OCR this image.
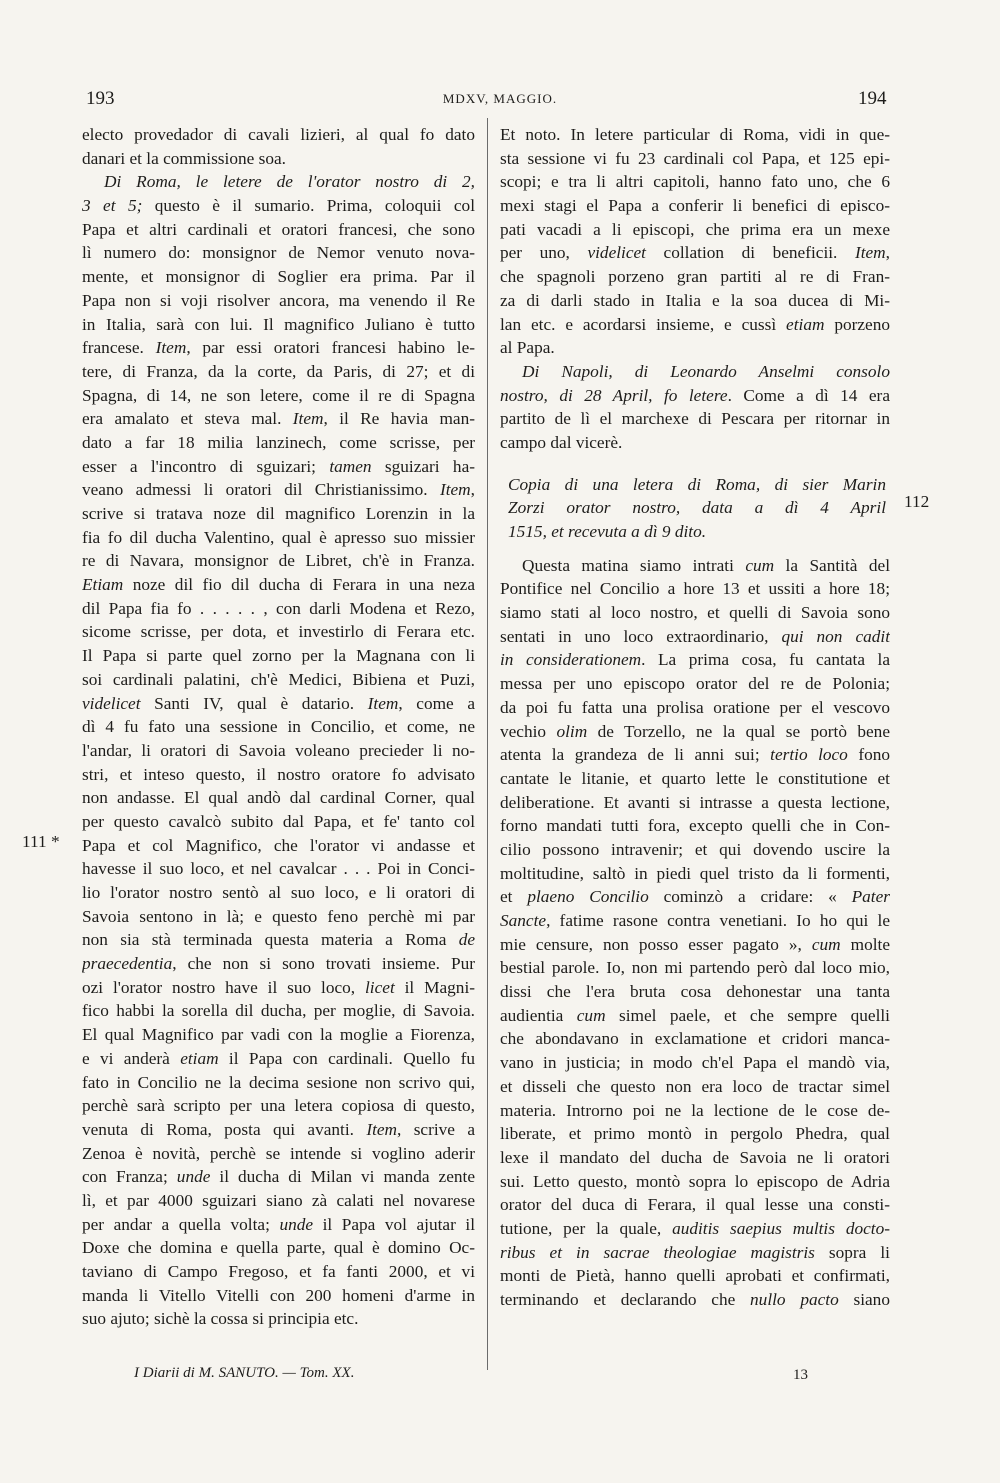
193	MDXV, MAGGIO.	194
111 *
112
electo provedador di cavali lizieri, al qual fo dato
danari et la commissione soa.
Di Roma, le letere de l'orator nostro di 2,
3 et 5; questo è il sumario. Prima, coloquii col
Papa et altri cardinali et oratori francesi, che sono
lì numero do: monsignor de Nemor venuto nova-
mente, et monsignor di Soglier era prima. Par il
Papa non si voji risolver ancora, ma venendo il Re
in Italia, sarà con lui. Il magnifico Juliano è tutto
francese. Item, par essi oratori francesi habino le-
tere, di Franza, da la corte, da Paris, di 27; et di
Spagna, di 14, ne son letere, come il re di Spagna
era amalato et steva mal. Item, il Re havia man-
dato a far 18 milia lanzinech, come scrisse, per
esser a l'incontro di sguizari; tamen sguizari ha-
veano admessi li oratori dil Christianissimo. Item,
scrive si tratava noze dil magnifico Lorenzin in la
fia fo dil ducha Valentino, qual è apresso suo missier
re di Navara, monsignor de Libret, ch'è in Franza.
Etiam noze dil fio dil ducha di Ferara in una neza
dil Papa fia fo . . . . . , con darli Modena et Rezo,
sicome scrisse, per dota, et investirlo di Ferara etc.
Il Papa si parte quel zorno per la Magnana con li
soi cardinali palatini, ch'è Medici, Bibiena et Puzi,
videlicet Santi IV, qual è datario. Item, come a
dì 4 fu fato una sessione in Concilio, et come, ne
l'andar, li oratori di Savoia voleano precieder li no-
stri, et inteso questo, il nostro oratore fo advisato
non andasse. El qual andò dal cardinal Corner, qual
per questo cavalcò subito dal Papa, et fe' tanto col
Papa et col Magnifico, che l'orator vi andasse et
havesse il suo loco, et nel cavalcar . . . Poi in Conci-
lio l'orator nostro sentò al suo loco, e li oratori di
Savoia sentono in là; e questo feno perchè mi par
non sia stà terminada questa materia a Roma de
praecedentia, che non si sono trovati insieme. Pur
ozi l'orator nostro have il suo loco, licet il Magni-
fico habbi la sorella dil ducha, per moglie, di Savoia.
El qual Magnifico par vadi con la moglie a Fiorenza,
e vi anderà etiam il Papa con cardinali. Quello fu
fato in Concilio ne la decima sesione non scrivo qui,
perchè sarà scripto per una letera copiosa di questo,
venuta di Roma, posta qui avanti. Item, scrive a
Zenoa è novità, perchè se intende si voglino aderir
con Franza; unde il ducha di Milan vi manda zente
lì, et par 4000 sguizari siano zà calati nel novarese
per andar a quella volta; unde il Papa vol ajutar il
Doxe che domina e quella parte, qual è domino Oc-
taviano di Campo Fregoso, et fa fanti 2000, et vi
manda li Vitello Vitelli con 200 homeni d'arme in
suo ajuto; sichè la cossa si principia etc.
Et noto. In letere particular di Roma, vidi in que-
sta sessione vi fu 23 cardinali col Papa, et 125 epi-
scopi; e tra li altri capitoli, hanno fato uno, che 6
mexi stagi el Papa a conferir li benefici di episco-
pati vacadi a li episcopi, che prima era un mexe
per uno, videlicet collation di beneficii. Item,
che spagnoli porzeno gran partiti al re di Fran-
za di darli stado in Italia e la soa ducea di Mi-
lan etc. e acordarsi insieme, e cussì etiam porzeno
al Papa.
Di Napoli, di Leonardo Anselmi consolo
nostro, di 28 April, fo letere. Come a dì 14 era
partito de lì el marchexe di Pescara per ritornar in
campo dal vicerè.
Copia di una letera di Roma, di sier Marin
Zorzi orator nostro, data a dì 4 April
1515, et recevuta a dì 9 dito.
Questa matina siamo intrati cum la Santità del
Pontifice nel Concilio a hore 13 et ussiti a hore 18;
siamo stati al loco nostro, et quelli di Savoia sono
sentati in uno loco extraordinario, qui non cadit
in considerationem. La prima cosa, fu cantata la
messa per uno episcopo orator del re de Polonia;
da poi fu fatta una prolisa oratione per el vescovo
vechio olim de Torzello, ne la qual se portò bene
atenta la grandeza de li anni sui; tertio loco fono
cantate le litanie, et quarto lette le constitutione et
deliberatione. Et avanti si intrasse a questa lectione,
forno mandati tutti fora, excepto quelli che in Con-
cilio possono intravenir; et qui dovendo uscire la
moltitudine, saltò in piedi quel tristo da li formenti,
et plaeno Concilio cominzò a cridare: « Pater
Sancte, fatime rasone contra venetiani. Io ho qui le
mie censure, non posso esser pagato », cum molte
bestial parole. Io, non mi partendo però dal loco mio,
dissi che l'era bruta cosa dehonestar una tanta
audientia cum simel paele, et che sempre quelli
che abondavano in exclamatione et cridori manca-
vano in justicia; in modo ch'el Papa el mandò via,
et disseli che questo non era loco de tractar simel
materia. Introrno poi ne la lectione de le cose de-
liberate, et primo montò in pergolo Phedra, qual
lexe il mandato del ducha de Savoia ne li oratori
sui. Letto questo, montò sopra lo episcopo de Adria
orator del duca di Ferara, il qual lesse una consti-
tutione, per la quale, auditis saepius multis docto-
ribus et in sacrae theologiae magistris sopra li
monti de Pietà, hanno quelli aprobati et confirmati,
terminando et declarando che nullo pacto siano
I Diarii di M. SANUTO. — Tom. XX.	13
